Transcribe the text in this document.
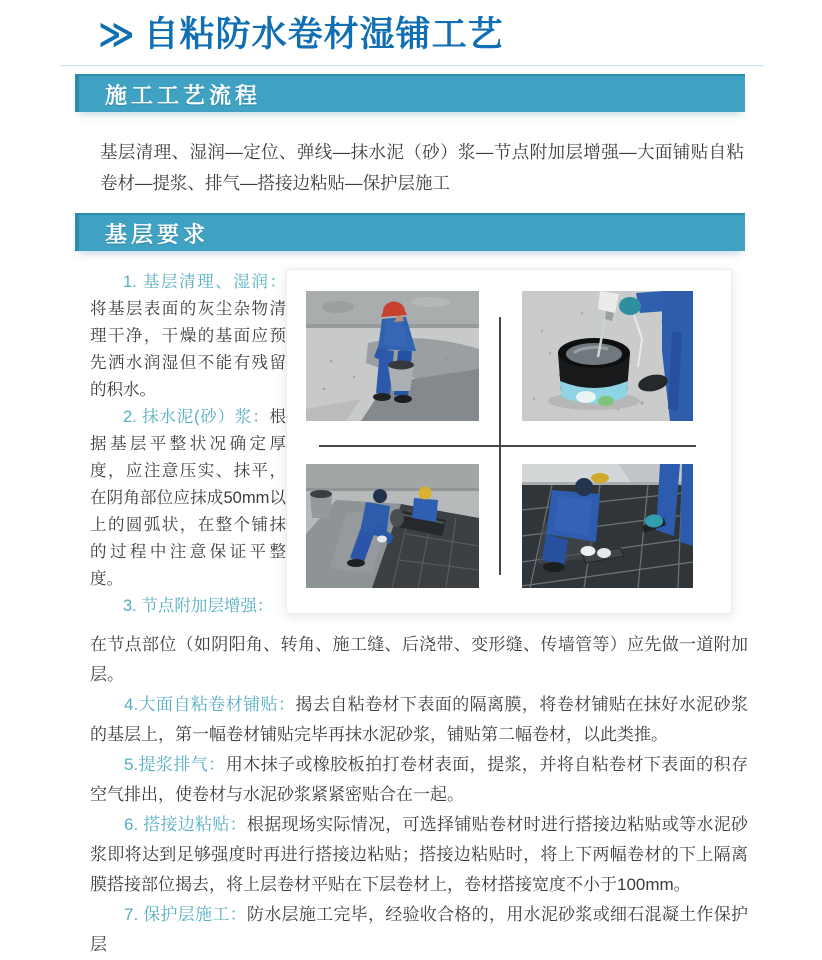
≫ 自粘防水卷材湿铺工艺
施工工艺流程

基层清理、湿润—定位、弹线—抹水泥（砂）浆—节点附加层增强—大面铺贴自粘卷材—提浆、排气—搭接边粘贴—保护层施工

基层要求

1. 基层清理、湿润：将基层表面的灰尘杂物清理干净，干燥的基面应预先洒水润湿但不能有残留的积水。

2. 抹水泥(砂）浆：根据基层平整状况确定厚度，应注意压实、抹平，在阴角部位应抹成50mm以上的圆弧状，在整个铺抹的过程中注意保证平整度。

3. 节点附加层增强：

在节点部位（如阴阳角、转角、施工缝、后浇带、变形缝、传墙管等）应先做一道附加层。

4.大面自粘卷材铺贴：揭去自粘卷材下表面的隔离膜，将卷材铺贴在抹好水泥砂浆的基层上，第一幅卷材铺贴完毕再抹水泥砂浆，铺贴第二幅卷材，以此类推。

5.提浆排气：用木抹子或橡胶板拍打卷材表面，提浆，并将自粘卷材下表面的积存空气排出，使卷材与水泥砂浆紧紧密贴合在一起。

6. 搭接边粘贴：根据现场实际情况，可选择铺贴卷材时进行搭接边粘贴或等水泥砂浆即将达到足够强度时再进行搭接边粘贴；搭接边粘贴时，将上下两幅卷材的下上隔离膜搭接部位揭去，将上层卷材平贴在下层卷材上，卷材搭接宽度不小于100mm。

7. 保护层施工：防水层施工完毕，经验收合格的，用水泥砂浆或细石混凝土作保护层
